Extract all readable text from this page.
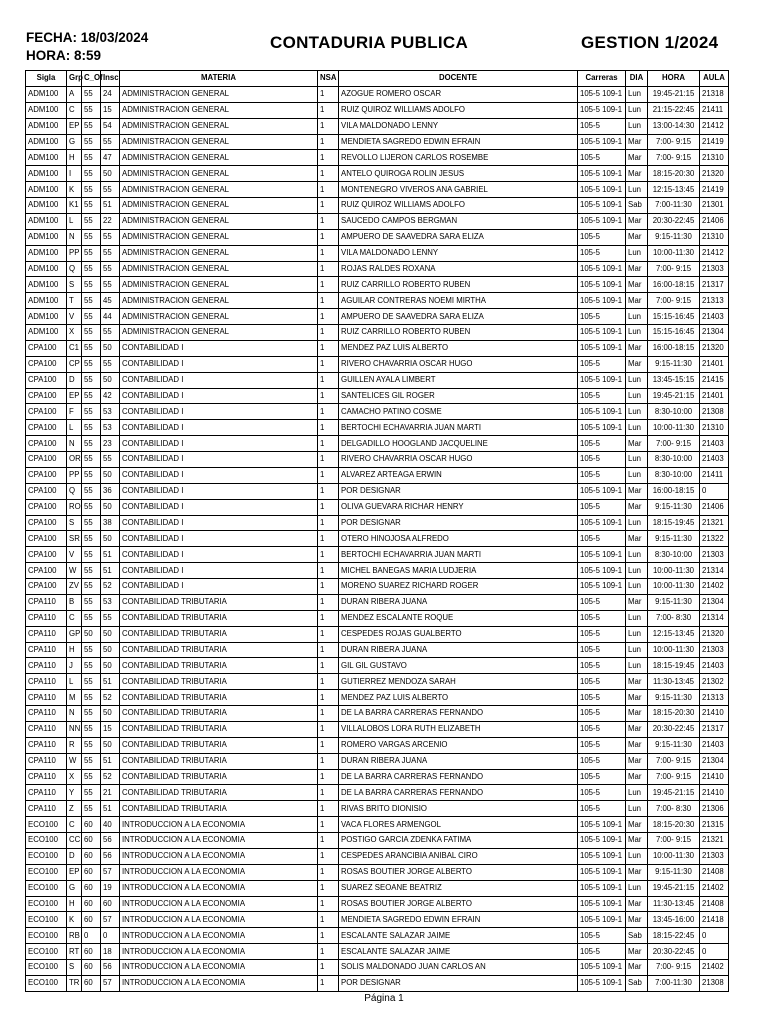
FECHA: 18/03/2024
HORA: 8:59
CONTADURIA PUBLICA	GESTION 1/2024
Sigla	Grp	C_Of	Insc	MATERIA	NSA	DOCENTE	Carreras	DIA	HORA	AULA
ADM100	A	55	24	ADMINISTRACION GENERAL	1	AZOGUE ROMERO OSCAR	105-5 109-1	Lun	19:45-21:15	21318
ADM100	C	55	15	ADMINISTRACION GENERAL	1	RUIZ QUIROZ WILLIAMS ADOLFO	105-5 109-1	Lun	21:15-22:45	21411
ADM100	EP	55	54	ADMINISTRACION GENERAL	1	VILA MALDONADO LENNY	105-5	Lun	13:00-14:30	21412
ADM100	G	55	55	ADMINISTRACION GENERAL	1	MENDIETA SAGREDO EDWIN EFRAIN	105-5 109-1	Mar	7:00- 9:15	21419
ADM100	H	55	47	ADMINISTRACION GENERAL	1	REVOLLO LIJERON CARLOS ROSEMBE	105-5	Mar	7:00- 9:15	21310
ADM100	I	55	50	ADMINISTRACION GENERAL	1	ANTELO QUIROGA ROLIN JESUS	105-5 109-1	Mar	18:15-20:30	21320
ADM100	K	55	55	ADMINISTRACION GENERAL	1	MONTENEGRO VIVEROS ANA GABRIEL	105-5 109-1	Lun	12:15-13:45	21419
ADM100	K1	55	51	ADMINISTRACION GENERAL	1	RUIZ QUIROZ WILLIAMS ADOLFO	105-5 109-1	Sab	7:00-11:30	21301
ADM100	L	55	22	ADMINISTRACION GENERAL	1	SAUCEDO CAMPOS BERGMAN	105-5 109-1	Mar	20:30-22:45	21406
ADM100	N	55	55	ADMINISTRACION GENERAL	1	AMPUERO DE SAAVEDRA SARA ELIZA	105-5	Mar	9:15-11:30	21310
ADM100	PP	55	55	ADMINISTRACION GENERAL	1	VILA MALDONADO LENNY	105-5	Lun	10:00-11:30	21412
ADM100	Q	55	55	ADMINISTRACION GENERAL	1	ROJAS RALDES ROXANA	105-5 109-1	Mar	7:00- 9:15	21303
ADM100	S	55	55	ADMINISTRACION GENERAL	1	RUIZ CARRILLO ROBERTO RUBEN	105-5 109-1	Mar	16:00-18:15	21317
ADM100	T	55	45	ADMINISTRACION GENERAL	1	AGUILAR CONTRERAS NOEMI MIRTHA	105-5 109-1	Mar	7:00- 9:15	21313
ADM100	V	55	44	ADMINISTRACION GENERAL	1	AMPUERO DE SAAVEDRA SARA ELIZA	105-5	Lun	15:15-16:45	21403
ADM100	X	55	55	ADMINISTRACION GENERAL	1	RUIZ CARRILLO ROBERTO RUBEN	105-5 109-1	Lun	15:15-16:45	21304
CPA100	C1	55	50	CONTABILIDAD I	1	MENDEZ PAZ LUIS ALBERTO	105-5 109-1	Mar	16:00-18:15	21320
CPA100	CP	55	55	CONTABILIDAD I	1	RIVERO CHAVARRIA OSCAR HUGO	105-5	Mar	9:15-11:30	21401
CPA100	D	55	50	CONTABILIDAD I	1	GUILLEN AYALA LIMBERT	105-5 109-1	Lun	13:45-15:15	21415
CPA100	EP	55	42	CONTABILIDAD I	1	SANTELICES GIL ROGER	105-5	Lun	19:45-21:15	21401
CPA100	F	55	53	CONTABILIDAD I	1	CAMACHO PATINO COSME	105-5 109-1	Lun	8:30-10:00	21308
CPA100	L	55	53	CONTABILIDAD I	1	BERTOCHI ECHAVARRIA JUAN MARTI	105-5 109-1	Lun	10:00-11:30	21310
CPA100	N	55	23	CONTABILIDAD I	1	DELGADILLO HOOGLAND JACQUELINE	105-5	Mar	7:00- 9:15	21403
CPA100	OR	55	55	CONTABILIDAD I	1	RIVERO CHAVARRIA OSCAR HUGO	105-5	Lun	8:30-10:00	21403
CPA100	PP	55	50	CONTABILIDAD I	1	ALVAREZ ARTEAGA ERWIN	105-5	Lun	8:30-10:00	21411
CPA100	Q	55	36	CONTABILIDAD I	1	POR DESIGNAR	105-5 109-1	Mar	16:00-18:15	0
CPA100	RO	55	50	CONTABILIDAD I	1	OLIVA GUEVARA RICHAR HENRY	105-5	Mar	9:15-11:30	21406
CPA100	S	55	38	CONTABILIDAD I	1	POR DESIGNAR	105-5 109-1	Lun	18:15-19:45	21321
CPA100	SR	55	50	CONTABILIDAD I	1	OTERO HINOJOSA ALFREDO	105-5	Mar	9:15-11:30	21322
CPA100	V	55	51	CONTABILIDAD I	1	BERTOCHI ECHAVARRIA JUAN MARTI	105-5 109-1	Lun	8:30-10:00	21303
CPA100	W	55	51	CONTABILIDAD I	1	MICHEL BANEGAS MARIA LUDJERIA	105-5 109-1	Lun	10:00-11:30	21314
CPA100	ZV	55	52	CONTABILIDAD I	1	MORENO SUAREZ RICHARD ROGER	105-5 109-1	Lun	10:00-11:30	21402
CPA110	B	55	53	CONTABILIDAD TRIBUTARIA	1	DURAN RIBERA JUANA	105-5	Mar	9:15-11:30	21304
CPA110	C	55	55	CONTABILIDAD TRIBUTARIA	1	MENDEZ ESCALANTE ROQUE	105-5	Lun	7:00- 8:30	21314
CPA110	GP	50	50	CONTABILIDAD TRIBUTARIA	1	CESPEDES ROJAS GUALBERTO	105-5	Lun	12:15-13:45	21320
CPA110	H	55	50	CONTABILIDAD TRIBUTARIA	1	DURAN RIBERA JUANA	105-5	Lun	10:00-11:30	21303
CPA110	J	55	50	CONTABILIDAD TRIBUTARIA	1	GIL GIL GUSTAVO	105-5	Lun	18:15-19:45	21403
CPA110	L	55	51	CONTABILIDAD TRIBUTARIA	1	GUTIERREZ MENDOZA SARAH	105-5	Mar	11:30-13:45	21302
CPA110	M	55	52	CONTABILIDAD TRIBUTARIA	1	MENDEZ PAZ LUIS ALBERTO	105-5	Mar	9:15-11:30	21313
CPA110	N	55	50	CONTABILIDAD TRIBUTARIA	1	DE LA BARRA CARRERAS FERNANDO	105-5	Mar	18:15-20:30	21410
CPA110	NN	55	15	CONTABILIDAD TRIBUTARIA	1	VILLALOBOS LORA RUTH ELIZABETH	105-5	Mar	20:30-22:45	21317
CPA110	R	55	50	CONTABILIDAD TRIBUTARIA	1	ROMERO VARGAS ARCENIO	105-5	Mar	9:15-11:30	21403
CPA110	W	55	51	CONTABILIDAD TRIBUTARIA	1	DURAN RIBERA JUANA	105-5	Mar	7:00- 9:15	21304
CPA110	X	55	52	CONTABILIDAD TRIBUTARIA	1	DE LA BARRA CARRERAS FERNANDO	105-5	Mar	7:00- 9:15	21410
CPA110	Y	55	21	CONTABILIDAD TRIBUTARIA	1	DE LA BARRA CARRERAS FERNANDO	105-5	Lun	19:45-21:15	21410
CPA110	Z	55	51	CONTABILIDAD TRIBUTARIA	1	RIVAS BRITO DIONISIO	105-5	Lun	7:00- 8:30	21306
ECO100	C	60	40	INTRODUCCION A LA ECONOMIA	1	VACA FLORES ARMENGOL	105-5 109-1	Mar	18:15-20:30	21315
ECO100	CC	60	56	INTRODUCCION A LA ECONOMIA	1	POSTIGO GARCIA ZDENKA FATIMA	105-5 109-1	Mar	7:00- 9:15	21321
ECO100	D	60	56	INTRODUCCION A LA ECONOMIA	1	CESPEDES ARANCIBIA ANIBAL CIRO	105-5 109-1	Lun	10:00-11:30	21303
ECO100	EP	60	57	INTRODUCCION A LA ECONOMIA	1	ROSAS BOUTIER JORGE ALBERTO	105-5 109-1	Mar	9:15-11:30	21408
ECO100	G	60	19	INTRODUCCION A LA ECONOMIA	1	SUAREZ SEOANE BEATRIZ	105-5 109-1	Lun	19:45-21:15	21402
ECO100	H	60	60	INTRODUCCION A LA ECONOMIA	1	ROSAS BOUTIER JORGE ALBERTO	105-5 109-1	Mar	11:30-13:45	21408
ECO100	K	60	57	INTRODUCCION A LA ECONOMIA	1	MENDIETA SAGREDO EDWIN EFRAIN	105-5 109-1	Mar	13:45-16:00	21418
ECO100	RB	0	0	INTRODUCCION A LA ECONOMIA	1	ESCALANTE SALAZAR JAIME	105-5	Sab	18:15-22:45	0
ECO100	RT	60	18	INTRODUCCION A LA ECONOMIA	1	ESCALANTE SALAZAR JAIME	105-5	Mar	20:30-22:45	0
ECO100	S	60	56	INTRODUCCION A LA ECONOMIA	1	SOLIS MALDONADO JUAN CARLOS AN	105-5 109-1	Mar	7:00- 9:15	21402
ECO100	TR	60	57	INTRODUCCION A LA ECONOMIA	1	POR DESIGNAR	105-5 109-1	Sab	7:00-11:30	21308
Página 1
